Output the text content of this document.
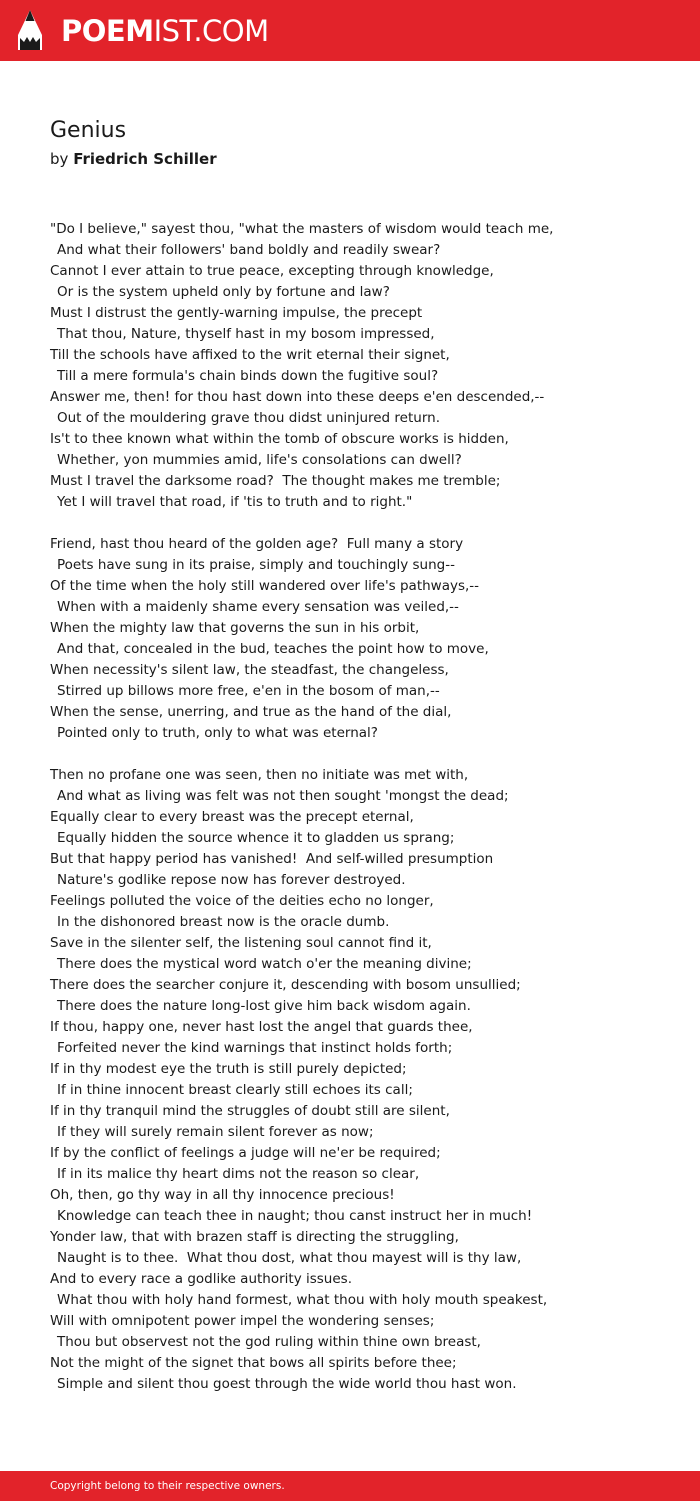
POEMIST.COM
Genius
by Friedrich Schiller
"Do I believe," sayest thou, "what the masters of wisdom would teach me,
And what their followers' band boldly and readily swear?
Cannot I ever attain to true peace, excepting through knowledge,
Or is the system upheld only by fortune and law?
Must I distrust the gently-warning impulse, the precept
That thou, Nature, thyself hast in my bosom impressed,
Till the schools have affixed to the writ eternal their signet,
Till a mere formula's chain binds down the fugitive soul?
Answer me, then! for thou hast down into these deeps e'en descended,--
Out of the mouldering grave thou didst uninjured return.
Is't to thee known what within the tomb of obscure works is hidden,
Whether, yon mummies amid, life's consolations can dwell?
Must I travel the darksome road?  The thought makes me tremble;
Yet I will travel that road, if 'tis to truth and to right."
Friend, hast thou heard of the golden age?  Full many a story
Poets have sung in its praise, simply and touchingly sung--
Of the time when the holy still wandered over life's pathways,--
When with a maidenly shame every sensation was veiled,--
When the mighty law that governs the sun in his orbit,
And that, concealed in the bud, teaches the point how to move,
When necessity's silent law, the steadfast, the changeless,
Stirred up billows more free, e'en in the bosom of man,--
When the sense, unerring, and true as the hand of the dial,
Pointed only to truth, only to what was eternal?
Then no profane one was seen, then no initiate was met with,
And what as living was felt was not then sought 'mongst the dead;
Equally clear to every breast was the precept eternal,
Equally hidden the source whence it to gladden us sprang;
But that happy period has vanished!  And self-willed presumption
Nature's godlike repose now has forever destroyed.
Feelings polluted the voice of the deities echo no longer,
In the dishonored breast now is the oracle dumb.
Save in the silenter self, the listening soul cannot find it,
There does the mystical word watch o'er the meaning divine;
There does the searcher conjure it, descending with bosom unsullied;
There does the nature long-lost give him back wisdom again.
If thou, happy one, never hast lost the angel that guards thee,
Forfeited never the kind warnings that instinct holds forth;
If in thy modest eye the truth is still purely depicted;
If in thine innocent breast clearly still echoes its call;
If in thy tranquil mind the struggles of doubt still are silent,
If they will surely remain silent forever as now;
If by the conflict of feelings a judge will ne'er be required;
If in its malice thy heart dims not the reason so clear,
Oh, then, go thy way in all thy innocence precious!
Knowledge can teach thee in naught; thou canst instruct her in much!
Yonder law, that with brazen staff is directing the struggling,
Naught is to thee.  What thou dost, what thou mayest will is thy law,
And to every race a godlike authority issues.
What thou with holy hand formest, what thou with holy mouth speakest,
Will with omnipotent power impel the wondering senses;
Thou but observest not the god ruling within thine own breast,
Not the might of the signet that bows all spirits before thee;
Simple and silent thou goest through the wide world thou hast won.
Copyright belong to their respective owners.
